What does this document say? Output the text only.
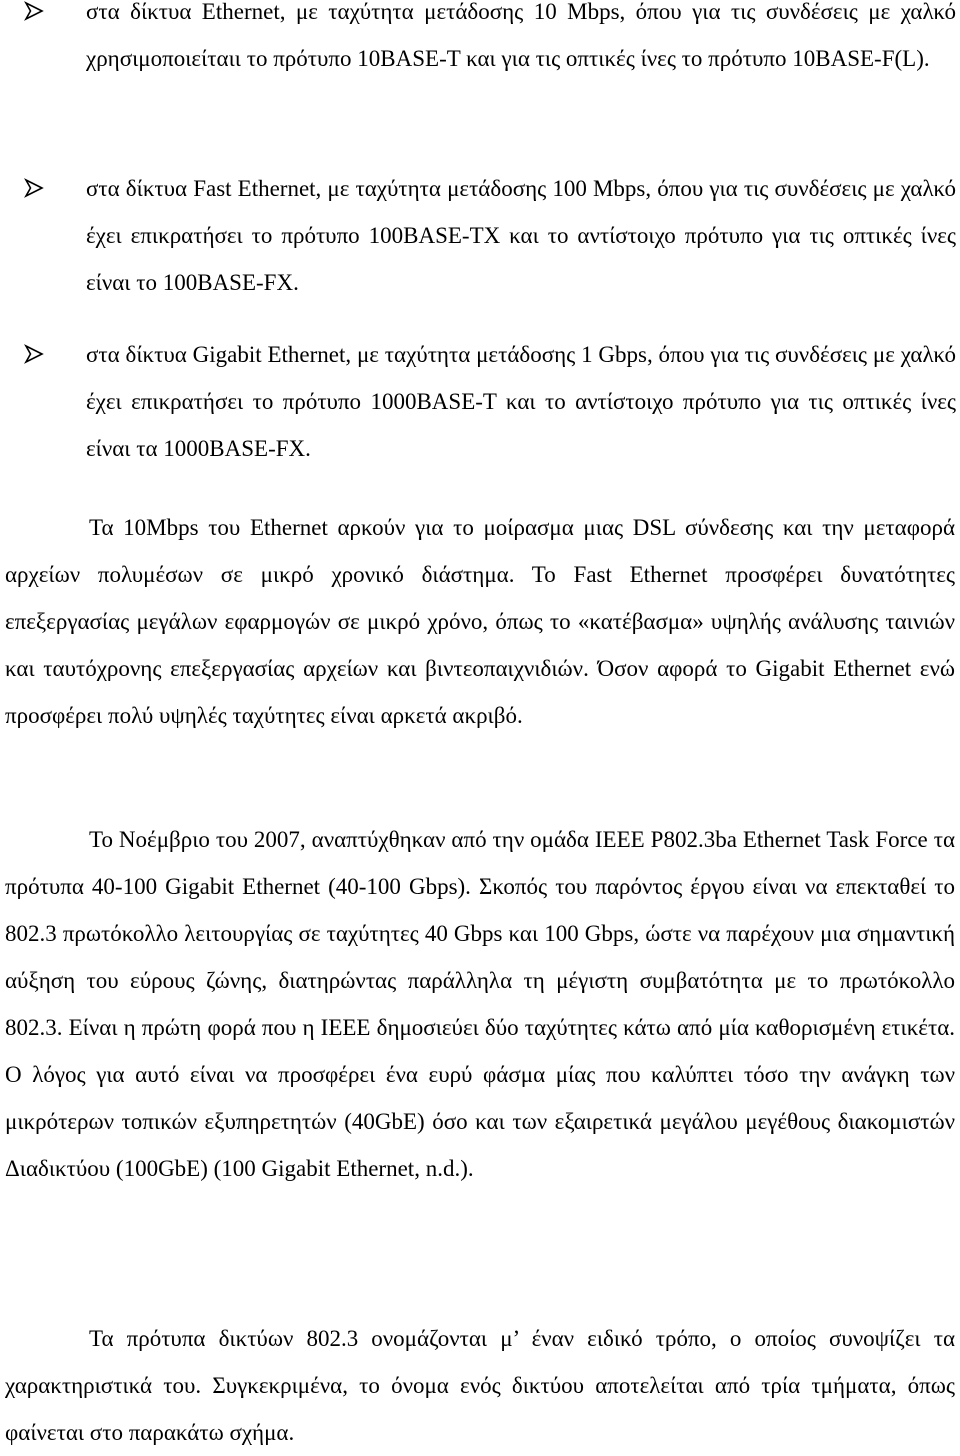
στα δίκτυα Ethernet, με ταχύτητα μετάδοσης 10 Mbps, όπου για τις συνδέσεις με χαλκό χρησιμοποιείταιι το πρότυπο 10BASE-T και για τις οπτικές ίνες το πρότυπο 10BASE-F(L).

στα δίκτυα Fast Ethernet, με ταχύτητα μετάδοσης 100 Mbps, όπου για τις συνδέσεις με χαλκό έχει επικρατήσει το πρότυπο 100BASE-TX και το αντίστοιχο πρότυπο για τις οπτικές ίνες είναι το 100BASE-FX.

στα δίκτυα Gigabit Ethernet, με ταχύτητα μετάδοσης 1 Gbps, όπου για τις συνδέσεις με χαλκό έχει επικρατήσει το πρότυπο 1000BASE-T και το αντίστοιχο πρότυπο για τις οπτικές ίνες είναι τα 1000BASE-FX.

Τα 10Mbps του Ethernet αρκούν για το μοίρασμα μιας DSL σύνδεσης και την μεταφορά αρχείων πολυμέσων σε μικρό χρονικό διάστημα. Το Fast Ethernet προσφέρει δυνατότητες επεξεργασίας μεγάλων εφαρμογών σε μικρό χρόνο, όπως το «κατέβασμα» υψηλής ανάλυσης ταινιών και ταυτόχρονης επεξεργασίας αρχείων και βιντεοπαιχνιδιών. Όσον αφορά το Gigabit Ethernet ενώ προσφέρει πολύ υψηλές ταχύτητες είναι αρκετά ακριβό.

Το Νοέμβριο του 2007, αναπτύχθηκαν από την ομάδα IEEE P802.3ba Ethernet Task Force τα πρότυπα 40-100 Gigabit Ethernet (40-100 Gbps). Σκοπός του παρόντος έργου είναι να επεκταθεί το 802.3 πρωτόκολλο λειτουργίας σε ταχύτητες 40 Gbps και 100 Gbps, ώστε να παρέχουν μια σημαντική αύξηση του εύρους ζώνης, διατηρώντας παράλληλα τη μέγιστη συμβατότητα με το πρωτόκολλο 802.3. Είναι η πρώτη φορά που η IEEE δημοσιεύει δύο ταχύτητες κάτω από μία καθορισμένη ετικέτα. Ο λόγος για αυτό είναι να προσφέρει ένα ευρύ φάσμα μίας που καλύπτει τόσο την ανάγκη των μικρότερων τοπικών εξυπηρετητών (40GbE) όσο και των εξαιρετικά μεγάλου μεγέθους διακομιστών Διαδικτύου (100GbE) (100 Gigabit Ethernet, n.d.).

Τα πρότυπα δικτύων 802.3 ονομάζονται μ’ έναν ειδικό τρόπο, ο οποίος συνοψίζει τα χαρακτηριστικά του. Συγκεκριμένα, το όνομα ενός δικτύου αποτελείται από τρία τμήματα, όπως φαίνεται στο παρακάτω σχήμα.
